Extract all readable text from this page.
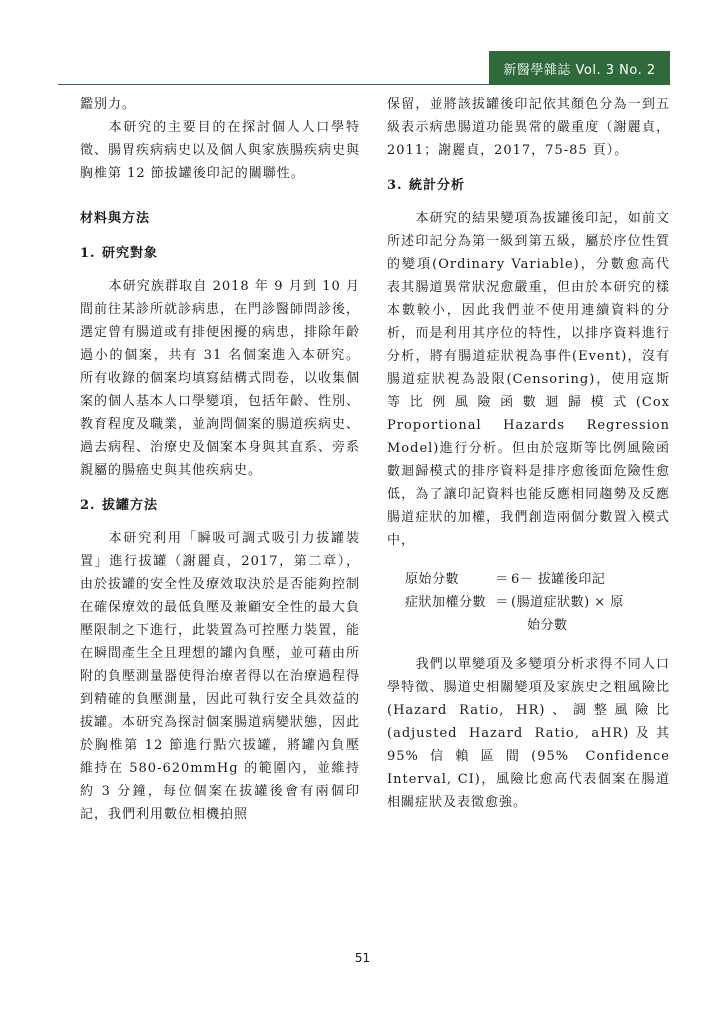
新醫學雜誌 Vol. 3 No. 2

鑑別力。

本研究的主要目的在探討個人人口學特徵、腸胃疾病病史以及個人與家族腸疾病史與胸椎第 12 節拔罐後印記的關聯性。

材料與方法

1. 研究對象

本研究族群取自 2018 年 9 月到 10 月間前往某診所就診病患，在門診醫師問診後，選定曾有腸道或有排便困擾的病患，排除年齡過小的個案，共有 31 名個案進入本研究。所有收錄的個案均填寫結構式問卷，以收集個案的個人基本人口學變項，包括年齡、性別、教育程度及職業，並詢問個案的腸道疾病史、過去病程、治療史及個案本身與其直系、旁系親屬的腸癌史與其他疾病史。

2. 拔罐方法

本研究利用「瞬吸可調式吸引力拔罐裝置」進行拔罐（謝麗貞，2017，第二章），由於拔罐的安全性及療效取決於是否能夠控制在確保療效的最低負壓及兼顧安全性的最大負壓限制之下進行，此裝置為可控壓力裝置，能在瞬間產生全且理想的罐內負壓，並可藉由所附的負壓測量器使得治療者得以在治療過程得到精確的負壓測量，因此可執行安全具效益的拔罐。本研究為探討個案腸道病變狀態，因此於胸椎第 12 節進行點穴拔罐，將罐內負壓維持在 580-620mmHg 的範圍內，並維持約 3 分鐘，每位個案在拔罐後會有兩個印記，我們利用數位相機拍照

保留，並將該拔罐後印記依其顏色分為一到五級表示病患腸道功能異常的嚴重度（謝麗貞，2011；謝麗貞，2017，75-85 頁）。

3. 統計分析

本研究的結果變項為拔罐後印記，如前文所述印記分為第一級到第五級，屬於序位性質的變項(Ordinary Variable)，分數愈高代表其腸道異常狀況愈嚴重，但由於本研究的樣本數較小，因此我們並不使用連續資料的分析，而是利用其序位的特性，以排序資料進行分析，將有腸道症狀視為事件(Event)，沒有腸道症狀視為設限(Censoring)，使用寇斯等比例風險函數迴歸模式(Cox Proportional Hazards Regression Model)進行分析。但由於寇斯等比例風險函數迴歸模式的排序資料是排序愈後面危險性愈低，為了讓印記資料也能反應相同趨勢及反應腸道症狀的加權，我們創造兩個分數置入模式中，

原始分數	＝ 6－ 拔罐後印記
症狀加權分數 ＝ (腸道症狀數) × 原
始分數

我們以單變項及多變項分析求得不同人口學特徵、腸道史相關變項及家族史之粗風險比(Hazard Ratio, HR)、調整風險比(adjusted Hazard Ratio, aHR)及其 95%信賴區間(95% Confidence Interval, CI)，風險比愈高代表個案在腸道相關症狀及表徵愈強。

51
